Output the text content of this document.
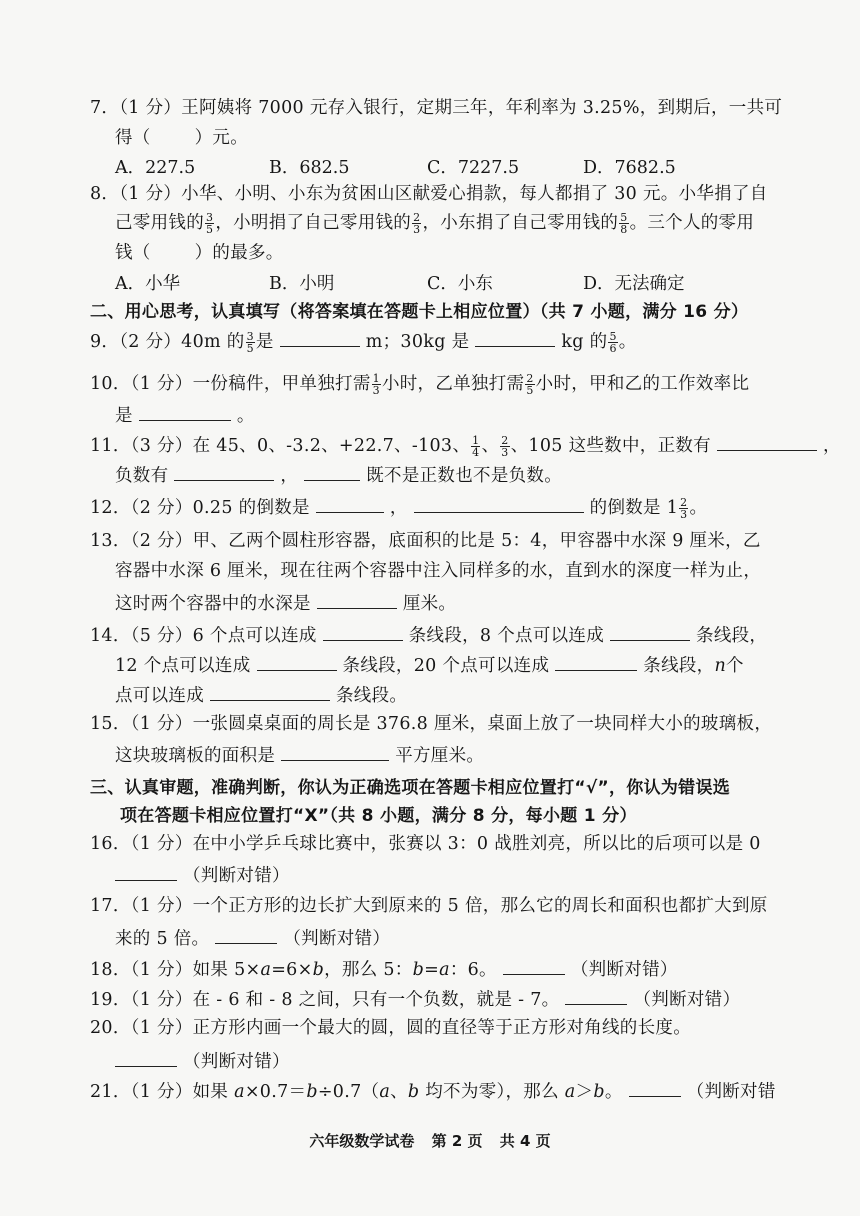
7．（1 分）王阿姨将 7000 元存入银行，定期三年，年利率为 3.25%，到期后，一共可
得（	）元。
A．227.5	B．682.5	C．7227.5	D．7682.5
8．（1 分）小华、小明、小东为贫困山区献爱心捐款，每人都捐了 30 元。小华捐了自
己零用钱的 $\frac{3}{5}$ ，小明捐了自己零用钱的 $\frac{2}{3}$ ，小东捐了自己零用钱的 $\frac{5}{8}$ 。三个人的零用
钱（	）的最多。
A．小华	B．小明	C．小东	D．无法确定
二、用心思考，认真填写（将答案填在答题卡上相应位置）（共 7 小题，满分 16 分）
9．（2 分）40m 的 $\frac{3}{5}$ 是	m；30kg 是	kg 的 $\frac{5}{6}$ 。
10．（1 分）一份稿件，甲单独打需 $\frac{1}{3}$ 小时，乙单独打需 $\frac{2}{5}$ 小时，甲和乙的工作效率比
是	。
11．（3 分）在 45、0、-3.2、+22.7、-103、 $\frac{1}{4}$ 、 $\frac{2}{3}$ 、105 这些数中，正数有	，
负数有	，	既不是正数也不是负数。
12．（2 分）0.25 的倒数是	，	的倒数是 $1 \frac{2}{3}$ 。
13．（2 分）甲、乙两个圆柱形容器，底面积的比是 5：4，甲容器中水深 9 厘米，乙
容器中水深 6 厘米，现在往两个容器中注入同样多的水，直到水的深度一样为止，
这时两个容器中的水深是	厘米。
14．（5 分）6 个点可以连成	条线段，8 个点可以连成	条线段，
12 个点可以连成	条线段，20 个点可以连成	条线段，n个
点可以连成	条线段。
15．（1 分）一张圆桌桌面的周长是 376.8 厘米，桌面上放了一块同样大小的玻璃板，
这块玻璃板的面积是	平方厘米。
三、认真审题，准确判断，你认为正确选项在答题卡相应位置打“√”，你认为错误选
项在答题卡相应位置打“X”（共 8 小题，满分 8 分，每小题 1 分）
16．（1 分）在中小学乒乓球比赛中，张赛以 3：0 战胜刘亮，所以比的后项可以是 0
（判断对错）
17．（1 分）一个正方形的边长扩大到原来的 5 倍，那么它的周长和面积也都扩大到原
来的 5 倍。	（判断对错）
18．（1 分）如果 5×a=6×b，那么 5：b=a：6。	（判断对错）
19．（1 分）在 - 6 和 - 8 之间，只有一个负数，就是 - 7。	（判断对错）
20．（1 分）正方形内画一个最大的圆，圆的直径等于正方形对角线的长度。
（判断对错）
21．（1 分）如果 a×0.7＝b÷0.7（a、b 均不为零），那么 a＞b。	（判断对错
六年级数学试卷 第 2 页 共 4 页
